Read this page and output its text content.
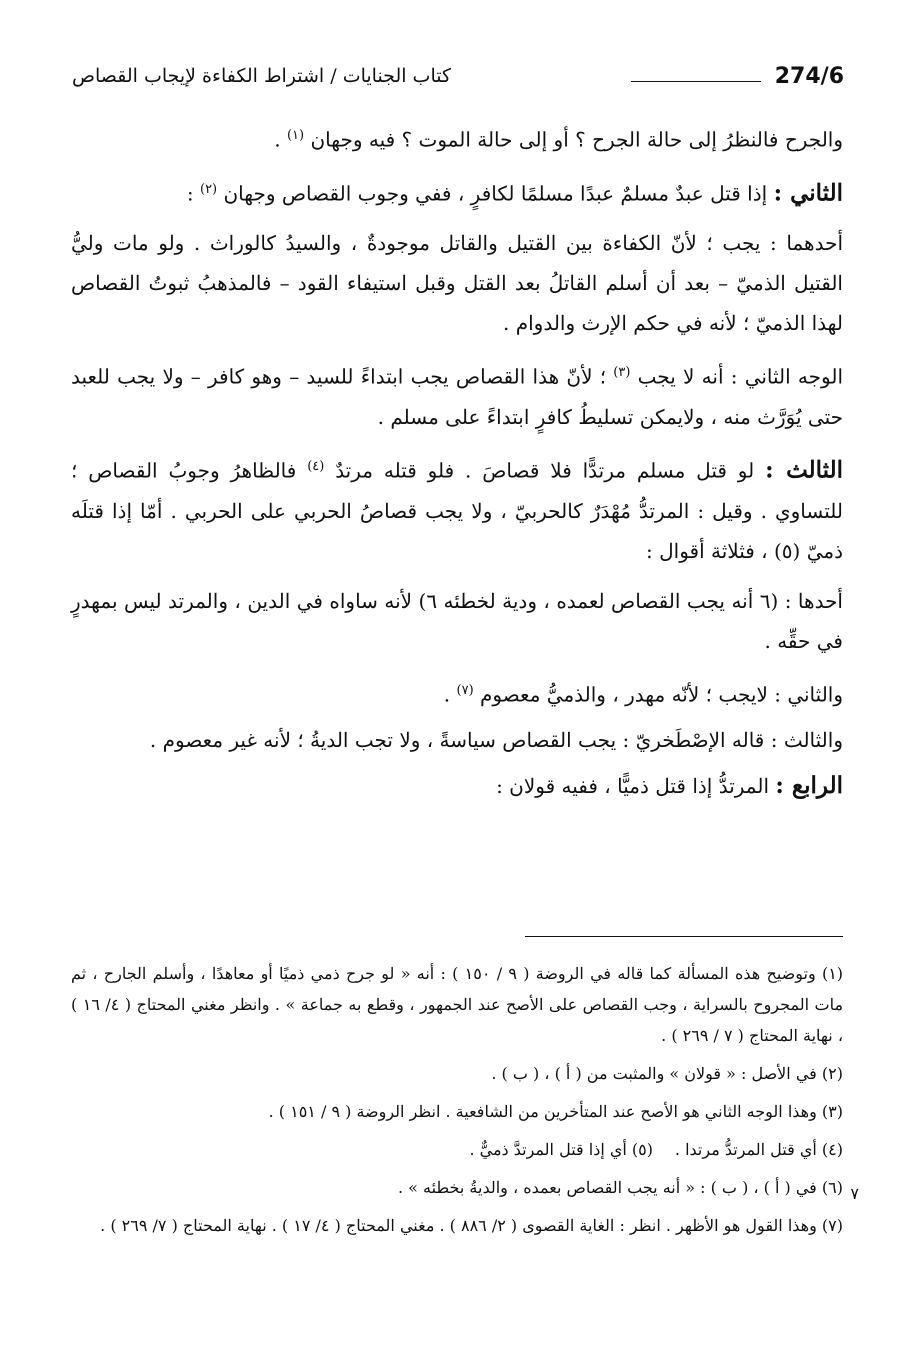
274/6
كتاب الجنايات / اشتراط الكفاءة لإيجاب القصاص

والجرح فالنظرُ إلى حالة الجرح ؟ أو إلى حالة الموت ؟ فيه وجهان $^{(١)}$ .

الثاني : إذا قتل عبدٌ مسلمٌ عبدًا مسلمًا لكافرٍ ، ففي وجوب القصاص وجهان $^{(٢)}$ :

أحدهما : يجب ؛ لأنّ الكفاءة بين القتيل والقاتل موجودةٌ ، والسيدُ كالوراث . ولو مات وليُّ القتيل الذميّ – بعد أن أسلم القاتلُ بعد القتل وقبل استيفاء القود – فالمذهبُ ثبوتُ القصاص لهذا الذميّ ؛ لأنه في حكم الإرث والدوام .

الوجه الثاني : أنه لا يجب $^{(٣)}$ ؛ لأنّ هذا القصاص يجب ابتداءً للسيد – وهو كافر – ولا يجب للعبد حتى يُوَرَّث منه ، ولايمكن تسليطُ كافرٍ ابتداءً على مسلم .

الثالث : لو قتل مسلم مرتدًّا فلا قصاصَ . فلو قتله مرتدٌ $^{(٤)}$ فالظاهرُ وجوبُ القصاص ؛ للتساوي . وقيل : المرتدُّ مُهْدَرٌ كالحربيّ ، ولا يجب قصاصُ الحربي على الحربي . أمّا إذا قتلَه ذميّ (٥) ، فثلاثة أقوال :

أحدها : (٦ أنه يجب القصاص لعمده ، ودية لخطئه ٦) لأنه ساواه في الدين ، والمرتد ليس بمهدرٍ في حقِّه .

والثاني : لايجب ؛ لأنّه مهدر ، والذميُّ معصوم $^{(٧)}$ .

والثالث : قاله الإصْطَخريّ : يجب القصاص سياسةً ، ولا تجب الديةُ ؛ لأنه غير معصوم .

الرابع : المرتدُّ إذا قتل ذميًّا ، ففيه قولان :

(١) وتوضيح هذه المسألة كما قاله في الروضة ( ٩ / ١٥٠ ) : أنه « لو جرح ذمي ذميًا أو معاهدًا ، وأسلم الجارح ، ثم مات المجروح بالسراية ، وجب القصاص على الأصح عند الجمهور ، وقطع به جماعة » . وانظر مغني المحتاج ( ٤/ ١٦ ) ، نهاية المحتاج ( ٧ / ٢٦٩ ) .

(٢) في الأصل : « قولان » والمثبت من ( أ ) ، ( ب ) .

(٣) وهذا الوجه الثاني هو الأصح عند المتأخرين من الشافعية . انظر الروضة ( ٩ / ١٥١ ) .

(٤) أي قتل المرتدُّ مرتدا .
(٥) أي إذا قتل المرتدَّ ذميٌّ .

(٦) في ( أ ) ، ( ب ) : « أنه يجب القصاص بعمده ، والديةُ بخطئه » .

(٧) وهذا القول هو الأظهر . انظر : الغاية القصوى ( ٢/ ٨٨٦ ) . مغني المحتاج ( ٤/ ١٧ ) . نهاية المحتاج ( ٧/ ٢٦٩ ) .

٧
